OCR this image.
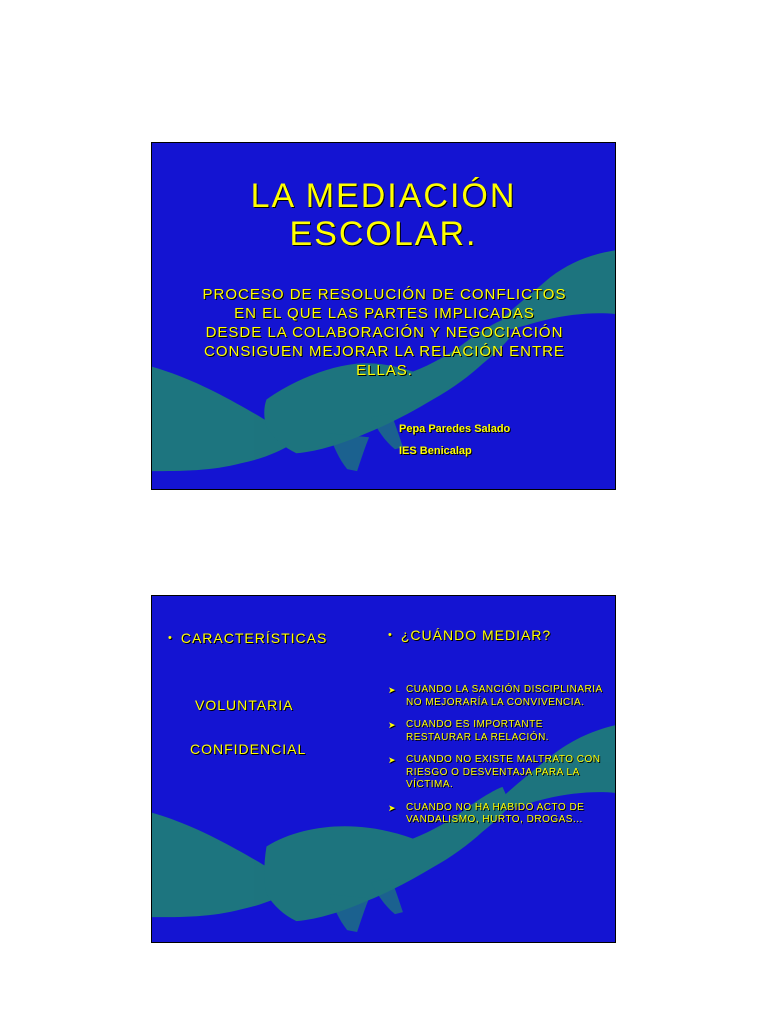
LA MEDIACIÓN
ESCOLAR.
PROCESO DE RESOLUCIÓN DE CONFLICTOS
EN EL QUE LAS PARTES IMPLICADAS
DESDE LA COLABORACIÓN Y NEGOCIACIÓN
CONSIGUEN MEJORAR LA RELACIÓN ENTRE
ELLAS.
Pepa Paredes Salado
IES Benicalap
• CARACTERÍSTICAS
VOLUNTARIA
CONFIDENCIAL
• ¿CUÁNDO MEDIAR?
➤ CUANDO LA SANCIÓN DISCIPLINARIA NO MEJORARÍA LA CONVIVENCIA.
➤ CUANDO ES IMPORTANTE RESTAURAR LA RELACIÓN.
➤ CUANDO NO EXISTE MALTRATO CON RIESGO O DESVENTAJA PARA LA VÍCTIMA.
➤ CUANDO NO HA HABIDO ACTO DE VANDALISMO, HURTO, DROGAS...
